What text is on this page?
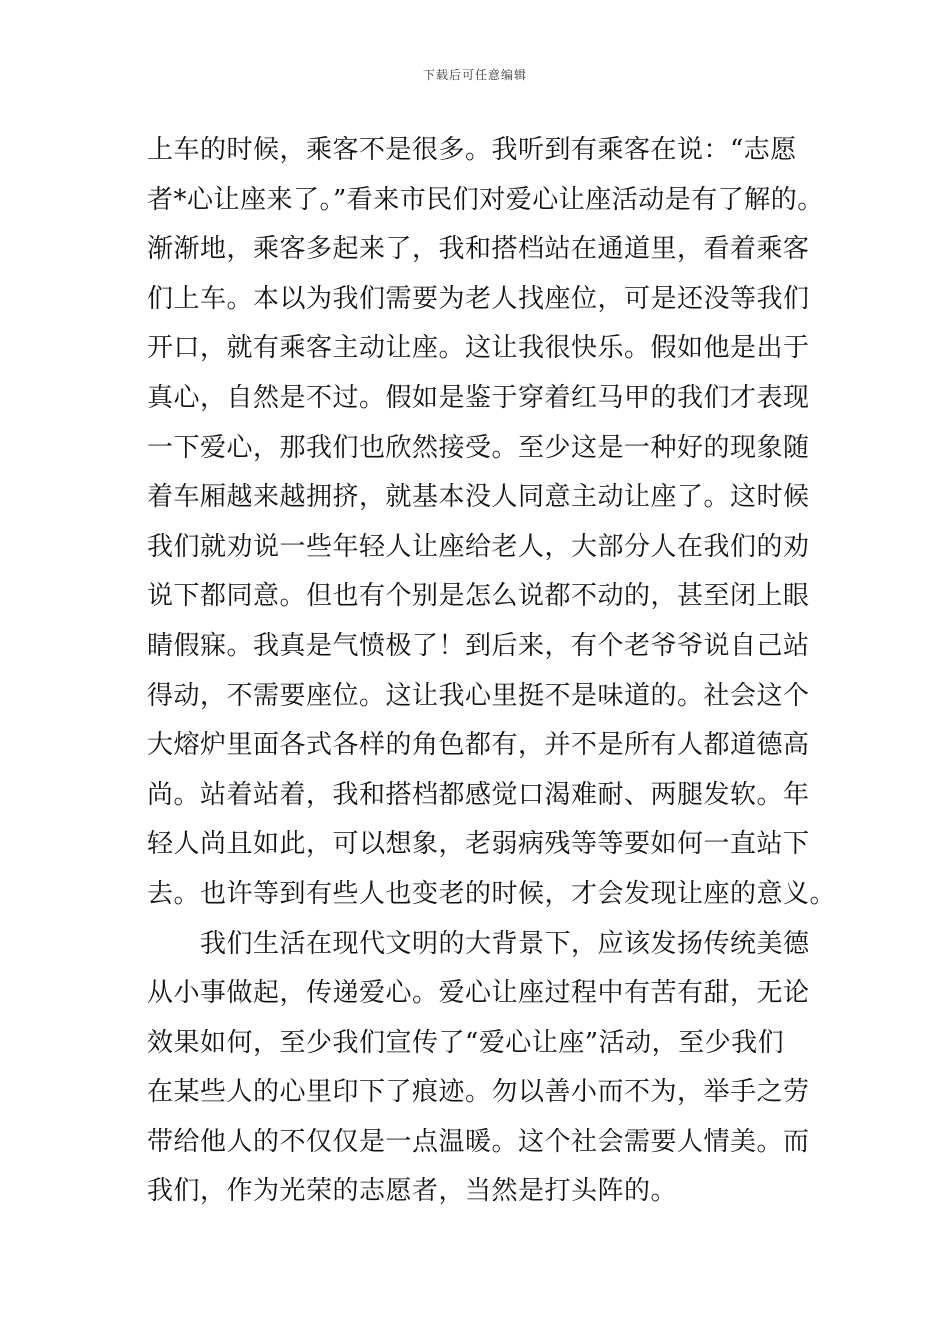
下载后可任意编辑
上车的时候，乘客不是很多。我听到有乘客在说：“志愿
者*心让座来了。”看来市民们对爱心让座活动是有了解的。
渐渐地，乘客多起来了，我和搭档站在通道里，看着乘客
们上车。本以为我们需要为老人找座位，可是还没等我们
开口，就有乘客主动让座。这让我很快乐。假如他是出于
真心，自然是不过。假如是鉴于穿着红马甲的我们才表现
一下爱心，那我们也欣然接受。至少这是一种好的现象随
着车厢越来越拥挤，就基本没人同意主动让座了。这时候
我们就劝说一些年轻人让座给老人，大部分人在我们的劝
说下都同意。但也有个别是怎么说都不动的，甚至闭上眼
睛假寐。我真是气愤极了！到后来，有个老爷爷说自己站
得动，不需要座位。这让我心里挺不是味道的。社会这个
大熔炉里面各式各样的角色都有，并不是所有人都道德高
尚。站着站着，我和搭档都感觉口渴难耐、两腿发软。年
轻人尚且如此，可以想象，老弱病残等等要如何一直站下
去。也许等到有些人也变老的时候，才会发现让座的意义。
我们生活在现代文明的大背景下，应该发扬传统美德
从小事做起，传递爱心。爱心让座过程中有苦有甜，无论
效果如何，至少我们宣传了“爱心让座”活动，至少我们
在某些人的心里印下了痕迹。勿以善小而不为，举手之劳
带给他人的不仅仅是一点温暖。这个社会需要人情美。而
我们，作为光荣的志愿者，当然是打头阵的。
